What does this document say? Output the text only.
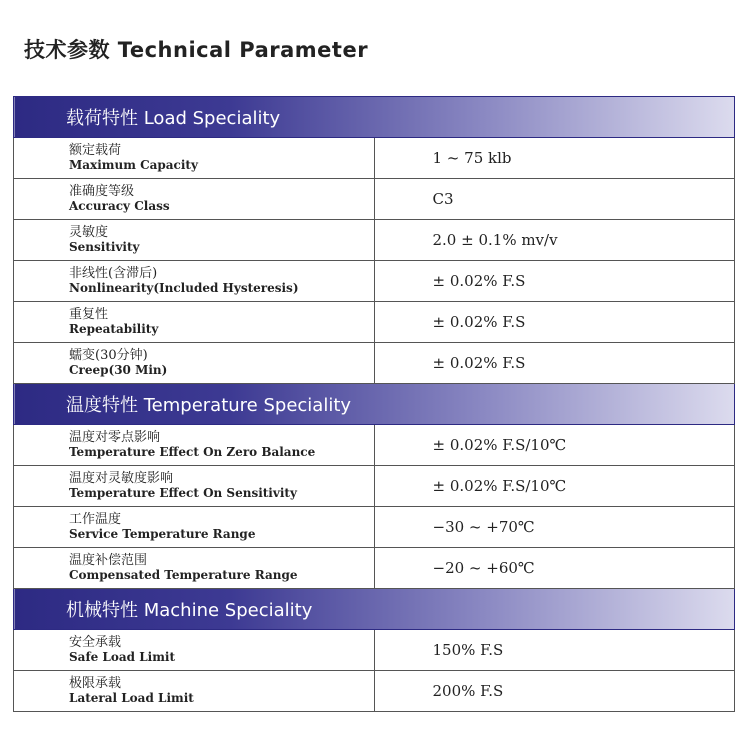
技术参数 Technical Parameter
载荷特性 Load Speciality	

额定载荷
Maximum Capacity	1 ~ 75 klb

准确度等级
Accuracy Class	C3

灵敏度
Sensitivity	2.0 ± 0.1% mv/v

非线性(含滞后)
Nonlinearity(Included Hysteresis)	± 0.02% F.S

重复性
Repeatability	± 0.02% F.S

蠕变(30分钟)
Creep(30 Min)	± 0.02% F.S
温度特性 Temperature Speciality	

温度对零点影响
Temperature Effect On Zero Balance	± 0.02% F.S/10℃

温度对灵敏度影响
Temperature Effect On Sensitivity	± 0.02% F.S/10℃

工作温度
Service Temperature Range	−30 ~ +70℃

温度补偿范围
Compensated Temperature Range	−20 ~ +60℃
机械特性 Machine Speciality	

安全承载
Safe Load Limit	150% F.S

极限承载
Lateral Load Limit	200% F.S
